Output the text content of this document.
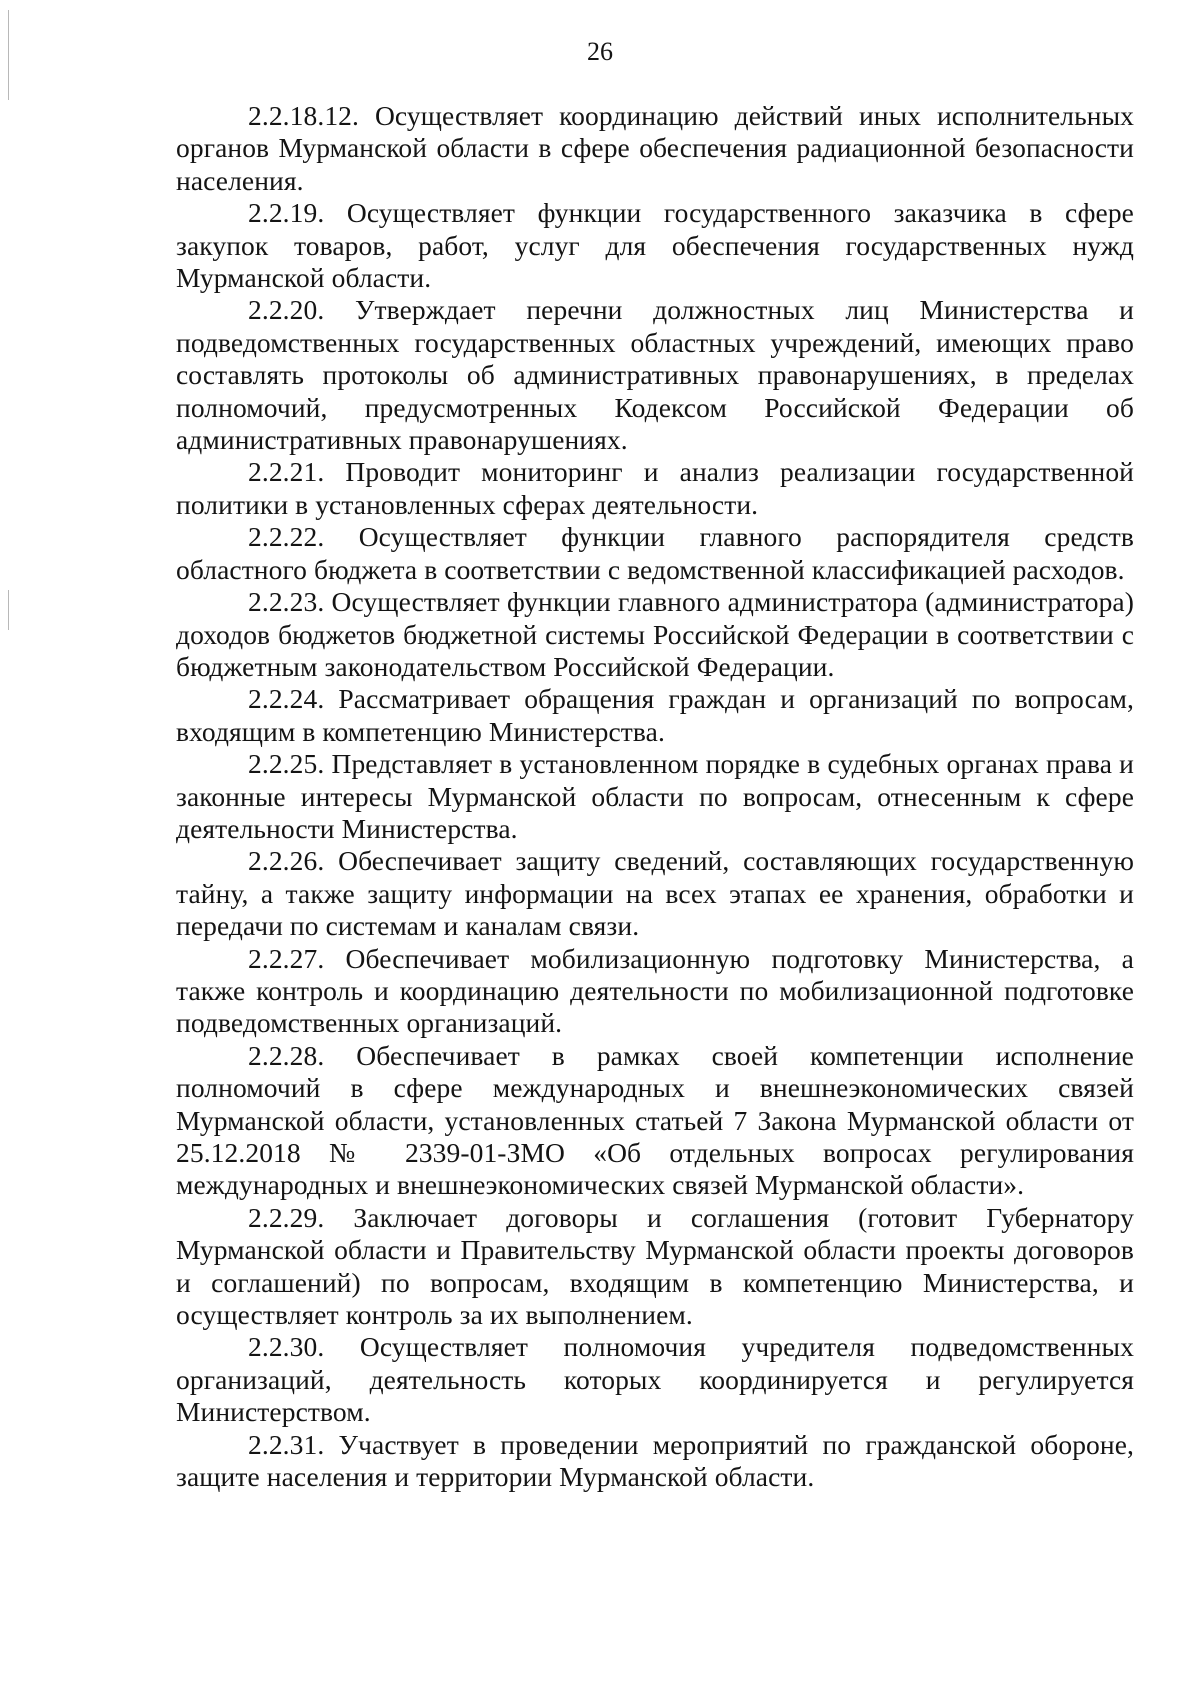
26

2.2.18.12. Осуществляет координацию действий иных исполнительных органов Мурманской области в сфере обеспечения радиационной безопасности населения.

2.2.19. Осуществляет функции государственного заказчика в сфере закупок товаров, работ, услуг для обеспечения государственных нужд Мурманской области.

2.2.20. Утверждает перечни должностных лиц Министерства и подведомственных государственных областных учреждений, имеющих право составлять протоколы об административных правонарушениях, в пределах полномочий, предусмотренных Кодексом Российской Федерации об административных правонарушениях.

2.2.21. Проводит мониторинг и анализ реализации государственной политики в установленных сферах деятельности.

2.2.22. Осуществляет функции главного распорядителя средств областного бюджета в соответствии с ведомственной классификацией расходов.

2.2.23. Осуществляет функции главного администратора (администратора) доходов бюджетов бюджетной системы Российской Федерации в соответствии с бюджетным законодательством Российской Федерации.

2.2.24. Рассматривает обращения граждан и организаций по вопросам, входящим в компетенцию Министерства.

2.2.25. Представляет в установленном порядке в судебных органах права и законные интересы Мурманской области по вопросам, отнесенным к сфере деятельности Министерства.

2.2.26. Обеспечивает защиту сведений, составляющих государственную тайну, а также защиту информации на всех этапах ее хранения, обработки и передачи по системам и каналам связи.

2.2.27. Обеспечивает мобилизационную подготовку Министерства, а также контроль и координацию деятельности по мобилизационной подготовке подведомственных организаций.

2.2.28. Обеспечивает в рамках своей компетенции исполнение полномочий в сфере международных и внешнеэкономических связей Мурманской области, установленных статьей 7 Закона Мурманской области от 25.12.2018 № 2339-01-ЗМО «Об отдельных вопросах регулирования международных и внешнеэкономических связей Мурманской области».

2.2.29. Заключает договоры и соглашения (готовит Губернатору Мурманской области и Правительству Мурманской области проекты договоров и соглашений) по вопросам, входящим в компетенцию Министерства, и осуществляет контроль за их выполнением.

2.2.30. Осуществляет полномочия учредителя подведомственных организаций, деятельность которых координируется и регулируется Министерством.

2.2.31. Участвует в проведении мероприятий по гражданской обороне, защите населения и территории Мурманской области.
